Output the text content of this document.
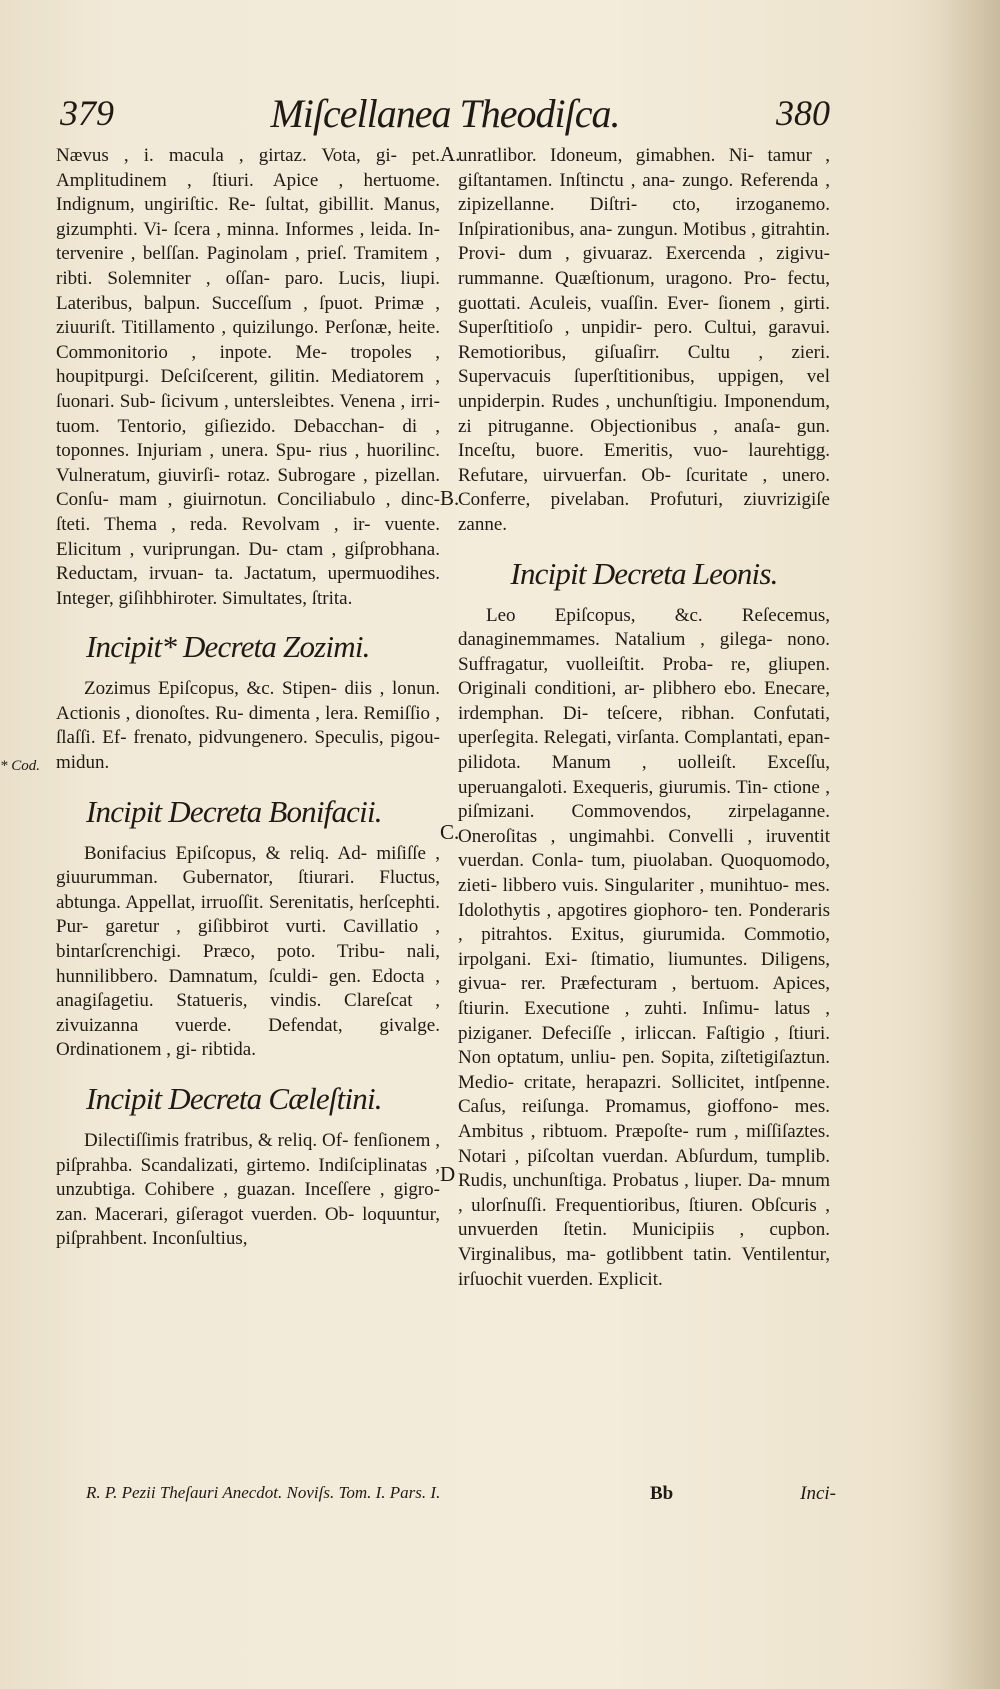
379	Miſcellanea Theodiſca.	380
* Cod.

Nævus , i. macula , girtaz. Vota, gi- pet. Amplitudinem , ſtiuri. Apice , hertuome. Indignum, ungiriſtic. Re- ſultat, gibillit. Manus, gizumphti. Vi- ſcera , minna. Informes , leida. In- tervenire , belſſan. Paginolam , prieſ. Tramitem , ribti. Solemniter , oſſan- paro. Lucis, liupi. Lateribus, balpun. Succeſſum , ſpuot. Primæ , ziuuriſt. Titillamento , quizilungo. Perſonæ, heite. Commonitorio , inpote. Me- tropoles , houpitpurgi. Deſciſcerent, gilitin. Mediatorem , ſuonari. Sub- ſicivum , untersleibtes. Venena , irri- tuom. Tentorio, giſiezido. Debacchan- di , toponnes. Injuriam , unera. Spu- rius , huorilinc. Vulneratum, giuvirſi- rotaz. Subrogare , pizellan. Conſu- mam , giuirnotun. Conciliabulo , dinc- ſteti. Thema , reda. Revolvam , ir- vuente. Elicitum , vuriprungan. Du- ctam , giſprobhana. Reductam, irvuan- ta. Jactatum, upermuodihes. Integer, giſihbhiroter. Simultates, ſtrita.

Incipit* Decreta Zozimi.

Zozimus Epiſcopus, &c. Stipen- diis , lonun. Actionis , dionoſtes. Ru- dimenta , lera. Remiſſio , ſlaſſi. Ef- frenato, pidvungenero. Speculis, pigou- midun.

Incipit Decreta Bonifacii.

Bonifacius Epiſcopus, & reliq. Ad- miſiſſe , giuurumman. Gubernator, ſtiurari. Fluctus, abtunga. Appellat, irruoſſit. Serenitatis, herſcephti. Pur- garetur , giſibbirot vurti. Cavillatio , bintarſcrenchigi. Præco, poto. Tribu- nali, hunnilibbero. Damnatum, ſculdi- gen. Edocta , anagiſagetiu. Statueris, vindis. Clareſcat , zivuizanna vuerde. Defendat, givalge. Ordinationem , gi- ribtida.

Incipit Decreta Cæleſtini.

Dilectiſſimis fratribus, & reliq. Of- fenſionem , piſprahba. Scandalizati, girtemo. Indiſciplinatas , unzubtiga. Cohibere , guazan. Inceſſere , gigro- zan. Macerari, giſeragot vuerden. Ob- loquuntur, piſprahbent. Inconſultius,

A.
B.
C.
D

unratlibor. Idoneum, gimabhen. Ni- tamur , giſtantamen. Inſtinctu , ana- zungo. Referenda , zipizellanne. Diſtri- cto, irzoganemo. Inſpirationibus, ana- zungun. Motibus , gitrahtin. Provi- dum , givuaraz. Exercenda , zigivu- rummanne. Quæſtionum, uragono. Pro- fectu, guottati. Aculeis, vuaſſin. Ever- ſionem , girti. Superſtitioſo , unpidir- pero. Cultui, garavui. Remotioribus, giſuaſirr. Cultu , zieri. Supervacuis ſuperſtitionibus, uppigen, vel unpiderpin. Rudes , unchunſtigiu. Imponendum, zi pitruganne. Objectionibus , anaſa- gun. Inceſtu, buore. Emeritis, vuo- laurehtigg. Refutare, uirvuerfan. Ob- ſcuritate , unero. Conferre, pivelaban. Profuturi, ziuvrizigiſe zanne.

Incipit Decreta Leonis.

Leo Epiſcopus, &c. Reſecemus, danaginemmames. Natalium , gilega- nono. Suffragatur, vuolleiſtit. Proba- re, gliupen. Originali conditioni, ar- plibhero ebo. Enecare, irdemphan. Di- teſcere, ribhan. Confutati, uperſegita. Relegati, virſanta. Complantati, epan- pilidota. Manum , uolleiſt. Exceſſu, uperuangaloti. Exequeris, giurumis. Tin- ctione , piſmizani. Commovendos, zirpelaganne. Oneroſitas , ungimahbi. Convelli , iruventit vuerdan. Conla- tum, piuolaban. Quoquomodo, zieti- libbero vuis. Singulariter , munihtuo- mes. Idolothytis , apgotires giophoro- ten. Ponderaris , pitrahtos. Exitus, giurumida. Commotio, irpolgani. Exi- ſtimatio, liumuntes. Diligens, givua- rer. Præfecturam , bertuom. Apices, ſtiurin. Executione , zuhti. Inſimu- latus , piziganer. Defeciſſe , irliccan. Faſtigio , ſtiuri. Non optatum, unliu- pen. Sopita, ziſtetigiſaztun. Medio- critate, herapazri. Sollicitet, intſpenne. Caſus, reiſunga. Promamus, gioffono- mes. Ambitus , ribtuom. Præpoſte- rum , miſſiſaztes. Notari , piſcoltan vuerdan. Abſurdum, tumplib. Rudis, unchunſtiga. Probatus , liuper. Da- mnum , ulorſnuſſi. Frequentioribus, ſtiuren. Obſcuris , unvuerden ſtetin. Municipiis , cupbon. Virginalibus, ma- gotlibbent tatin. Ventilentur, irſuochit vuerden. Explicit.

R. P. Pezii Theſauri Anecdot. Noviſs. Tom. I. Pars. I.	Bb	Inci-
